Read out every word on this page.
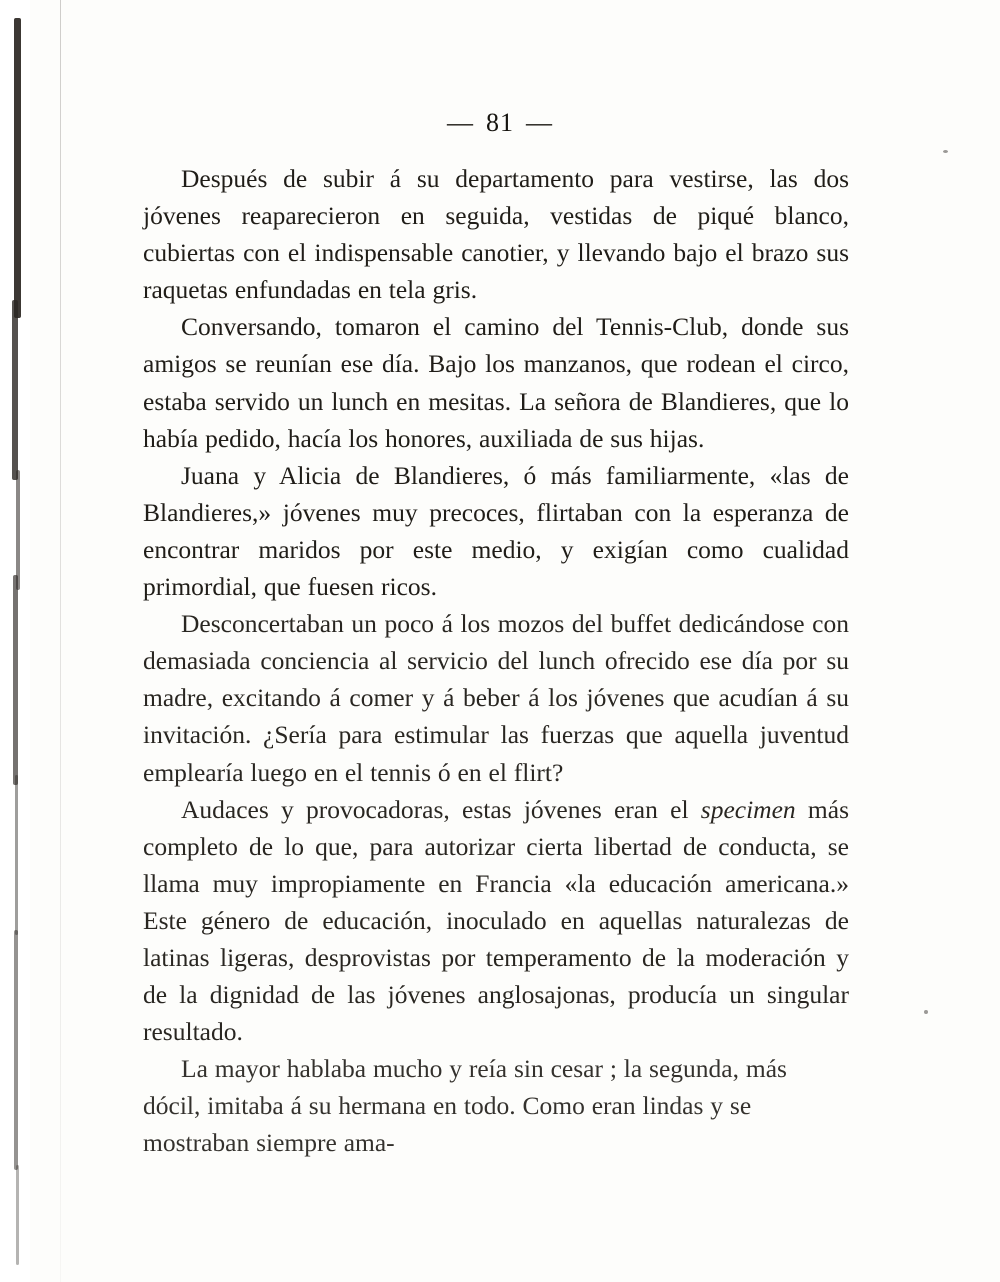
— 81 —

Después de subir á su departamento para vestirse, las dos jóvenes reaparecieron en seguida, vestidas de piqué blanco, cubiertas con el indispensable canotier, y llevando bajo el brazo sus raquetas enfundadas en tela gris.

Conversando, tomaron el camino del Tennis-Club, donde sus amigos se reunían ese día. Bajo los manzanos, que rodean el circo, estaba servido un lunch en mesitas. La señora de Blandieres, que lo había pedido, hacía los honores, auxiliada de sus hijas.

Juana y Alicia de Blandieres, ó más familiarmente, «las de Blandieres,» jóvenes muy precoces, flirtaban con la esperanza de encontrar maridos por este medio, y exigían como cualidad primordial, que fuesen ricos.

Desconcertaban un poco á los mozos del buffet dedicándose con demasiada conciencia al servicio del lunch ofrecido ese día por su madre, excitando á comer y á beber á los jóvenes que acudían á su invitación. ¿Sería para estimular las fuerzas que aquella juventud emplearía luego en el tennis ó en el flirt?

Audaces y provocadoras, estas jóvenes eran el specimen más completo de lo que, para autorizar cierta libertad de conducta, se llama muy impropiamente en Francia «la educación americana.» Este género de educación, inoculado en aquellas naturalezas de latinas ligeras, desprovistas por temperamento de la moderación y de la dignidad de las jóvenes anglosajonas, producía un singular resultado.

La mayor hablaba mucho y reía sin cesar ; la segunda, más dócil, imitaba á su hermana en todo. Como eran lindas y se mostraban siempre ama-
